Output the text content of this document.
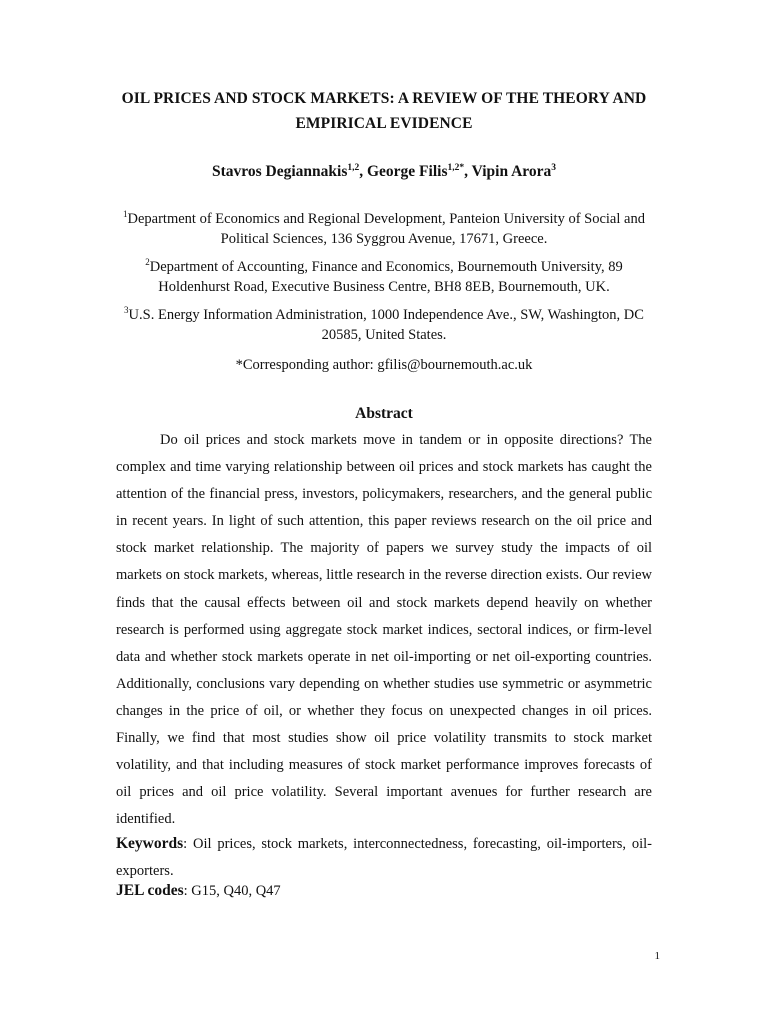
OIL PRICES AND STOCK MARKETS: A REVIEW OF THE THEORY AND
EMPIRICAL EVIDENCE
Stavros Degiannakis$^{1,2}$, George Filis$^{1,2*}$, Vipin Arora$^3$
$^1$Department of Economics and Regional Development, Panteion University of Social and
Political Sciences, 136 Syggrou Avenue, 17671, Greece.
$^2$Department of Accounting, Finance and Economics, Bournemouth University, 89
Holdenhurst Road, Executive Business Centre, BH8 8EB, Bournemouth, UK.
$^3$U.S. Energy Information Administration, 1000 Independence Ave., SW, Washington, DC
20585, United States.
*Corresponding author: gfilis@bournemouth.ac.uk
Abstract
Do oil prices and stock markets move in tandem or in opposite directions? The complex and time varying relationship between oil prices and stock markets has caught the attention of the financial press, investors, policymakers, researchers, and the general public in recent years. In light of such attention, this paper reviews research on the oil price and stock market relationship. The majority of papers we survey study the impacts of oil markets on stock markets, whereas, little research in the reverse direction exists. Our review finds that the causal effects between oil and stock markets depend heavily on whether research is performed using aggregate stock market indices, sectoral indices, or firm-level data and whether stock markets operate in net oil-importing or net oil-exporting countries. Additionally, conclusions vary depending on whether studies use symmetric or asymmetric changes in the price of oil, or whether they focus on unexpected changes in oil prices. Finally, we find that most studies show oil price volatility transmits to stock market volatility, and that including measures of stock market performance improves forecasts of oil prices and oil price volatility. Several important avenues for further research are identified.
Keywords: Oil prices, stock markets, interconnectedness, forecasting, oil-importers, oil-exporters.
JEL codes: G15, Q40, Q47
1
